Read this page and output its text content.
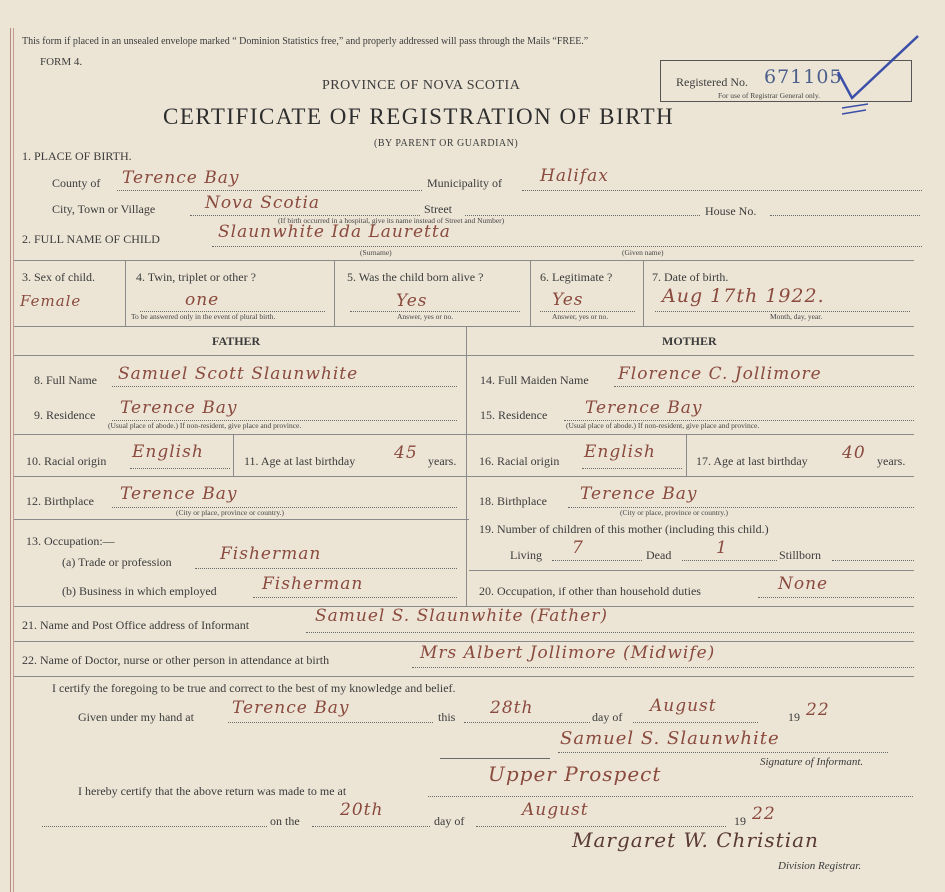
This form if placed in an unsealed envelope marked “ Dominion Statistics free,” and properly addressed will pass through the Mails “FREE.”
FORM 4.
PROVINCE OF NOVA SCOTIA
CERTIFICATE OF REGISTRATION OF BIRTH
(BY PARENT OR GUARDIAN)
Registered No. 671105
For use of Registrar General only.
1. PLACE OF BIRTH.
County of Terence Bay	Municipality of Halifax
City, Town or Village	Nova Scotia	Street
(If birth occurred in a hospital, give its name instead of Street and Number)
House No.
2. FULL NAME OF CHILD	Slaunwhite Ida Lauretta
(Surname)	(Given name)
3. Sex of child.
Female
4. Twin, triplet or other ?
one
To be answered only in the event of plural birth.
5. Was the child born alive ?
Yes
Answer, yes or no.
6. Legitimate ?
Yes
Answer, yes or no.
7. Date of birth.
Aug 17th 1922.
Month, day, year.
FATHER	MOTHER
8. Full Name Samuel Scott Slaunwhite	14. Full Maiden Name Florence C. Jollimore
9. Residence Terence Bay
(Usual place of abode.) If non-resident, give place and province.
15. Residence Terence Bay
(Usual place of abode.) If non-resident, give place and province.
10. Racial origin English	11. Age at last birthday 45 years. 16. Racial origin English	17. Age at last birthday 40 years.
12. Birthplace Terence Bay
(City or place, province or country.)
18. Birthplace Terence Bay
(City or place, province or country.)
13. Occupation:—
(a) Trade or profession	Fisherman
(b) Business in which employed	Fisherman
19. Number of children of this mother (including this child.)
Living 7	Dead	1	Stillborn
20. Occupation, if other than household duties	None
21. Name and Post Office address of Informant	Samuel S. Slaunwhite (Father)
22. Name of Doctor, nurse or other person in attendance at birth	Mrs Albert Jollimore (Midwife)
I certify the foregoing to be true and correct to the best of my knowledge and belief.
Given under my hand at Terence Bay	this 28th	day of
August
19 22
Samuel S. Slaunwhite
Signature of Informant.
I hereby certify that the above return was made to me at
Upper Prospect
on the
20th
day of
August
19 22
Margaret W. Christian
Division Registrar.
